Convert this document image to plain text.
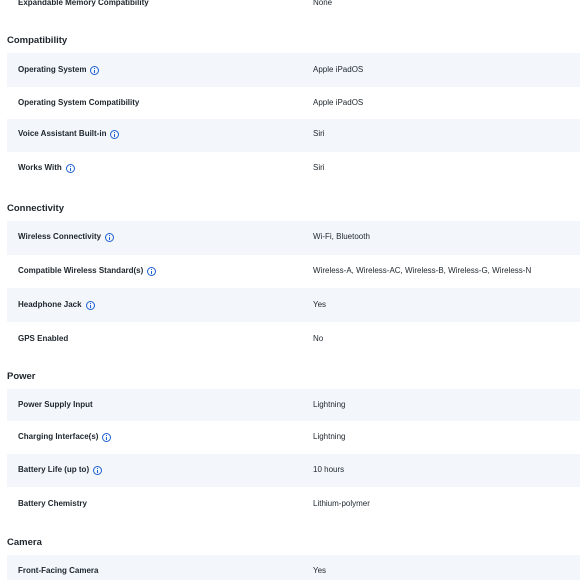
Expandable Memory Compatibility	None
Compatibility
Operating System	Apple iPadOS
Operating System Compatibility	Apple iPadOS
Voice Assistant Built-in	Siri
Works With	Siri
Connectivity
Wireless Connectivity	Wi-Fi, Bluetooth
Compatible Wireless Standard(s)	Wireless-A, Wireless-AC, Wireless-B, Wireless-G, Wireless-N
Headphone Jack	Yes
GPS Enabled	No
Power
Power Supply Input	Lightning
Charging Interface(s)	Lightning
Battery Life (up to)	10 hours
Battery Chemistry	Lithium-polymer
Camera
Front-Facing Camera	Yes
